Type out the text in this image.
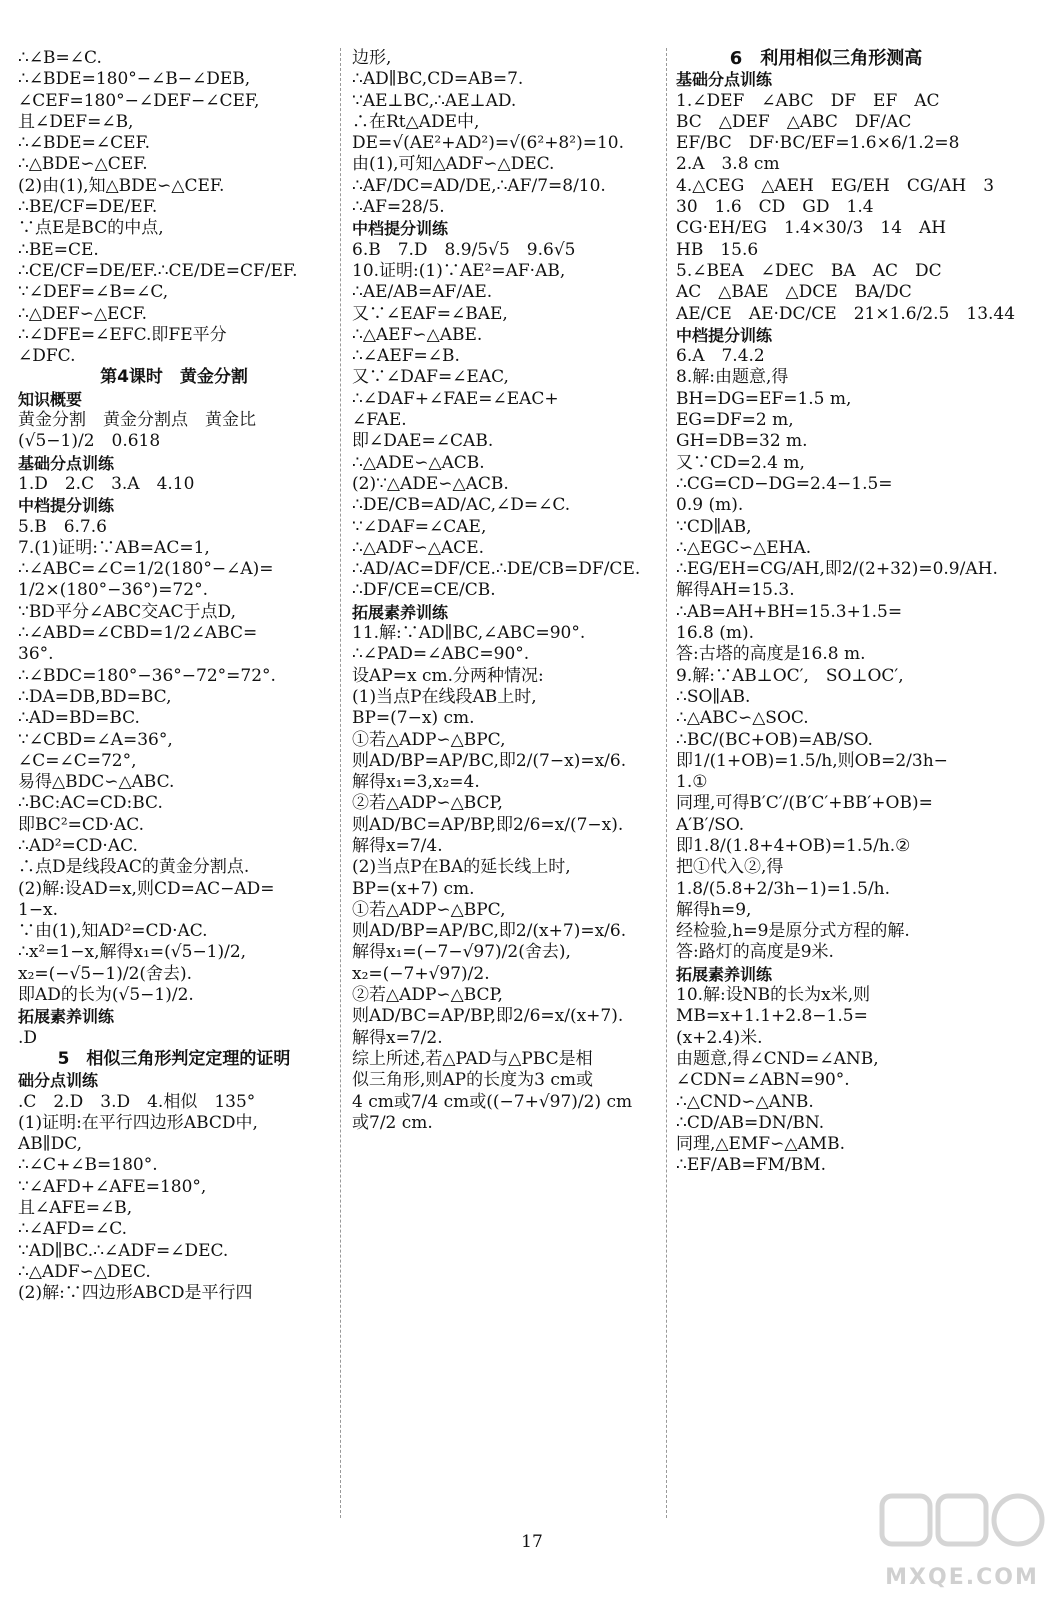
∴∠B=∠C.
∴∠BDE=180°−∠B−∠DEB,
∠CEF=180°−∠DEF−∠CEF,
且∠DEF=∠B,
∴∠BDE=∠CEF.
∴△BDE∽△CEF.
(2)由(1),知△BDE∽△CEF.
∴BE/CF=DE/EF.
∵点E是BC的中点,
∴BE=CE.
∴CE/CF=DE/EF.∴CE/DE=CF/EF.
∵∠DEF=∠B=∠C,
∴△DEF∽△ECF.
∴∠DFE=∠EFC.即FE平分
∠DFC.
第4课时　黄金分割
知识概要
黄金分割　黄金分割点　黄金比
(√5−1)/2　0.618
基础分点训练
1.D　2.C　3.A　4.10
中档提分训练
5.B　6.7.6
7.(1)证明:∵AB=AC=1,
∴∠ABC=∠C=1/2(180°−∠A)=
1/2×(180°−36°)=72°.
∵BD平分∠ABC交AC于点D,
∴∠ABD=∠CBD=1/2∠ABC=
36°.
∴∠BDC=180°−36°−72°=72°.
∴DA=DB,BD=BC,
∴AD=BD=BC.
∵∠CBD=∠A=36°,
∠C=∠C=72°,
易得△BDC∽△ABC.
∴BC:AC=CD:BC.
即BC²=CD·AC.
∴AD²=CD·AC.
∴点D是线段AC的黄金分割点.
(2)解:设AD=x,则CD=AC−AD=
1−x.
∵由(1),知AD²=CD·AC.
∴x²=1−x,解得x₁=(√5−1)/2,
x₂=(−√5−1)/2(舍去).
即AD的长为(√5−1)/2.
拓展素养训练
.D
5　相似三角形判定定理的证明
础分点训练
.C　2.D　3.D　4.相似　135°
(1)证明:在平行四边形ABCD中,
AB∥DC,
∴∠C+∠B=180°.
∵∠AFD+∠AFE=180°,
且∠AFE=∠B,
∴∠AFD=∠C.
∵AD∥BC.∴∠ADF=∠DEC.
∴△ADF∽△DEC.
(2)解:∵四边形ABCD是平行四
边形,
∴AD∥BC,CD=AB=7.
∵AE⊥BC,∴AE⊥AD.
∴在Rt△ADE中,
DE=√(AE²+AD²)=√(6²+8²)=10.
由(1),可知△ADF∽△DEC.
∴AF/DC=AD/DE,∴AF/7=8/10.
∴AF=28/5.
中档提分训练
6.B　7.D　8.9/5√5　9.6√5
10.证明:(1)∵AE²=AF·AB,
∴AE/AB=AF/AE.
又∵∠EAF=∠BAE,
∴△AEF∽△ABE.
∴∠AEF=∠B.
又∵∠DAF=∠EAC,
∴∠DAF+∠FAE=∠EAC+
∠FAE.
即∠DAE=∠CAB.
∴△ADE∽△ACB.
(2)∵△ADE∽△ACB.
∴DE/CB=AD/AC,∠D=∠C.
∵∠DAF=∠CAE,
∴△ADF∽△ACE.
∴AD/AC=DF/CE.∴DE/CB=DF/CE.
∴DF/CE=CE/CB.
拓展素养训练
11.解:∵AD∥BC,∠ABC=90°.
∴∠PAD=∠ABC=90°.
设AP=x cm.分两种情况:
(1)当点P在线段AB上时,
BP=(7−x) cm.
①若△ADP∽△BPC,
则AD/BP=AP/BC,即2/(7−x)=x/6.
解得x₁=3,x₂=4.
②若△ADP∽△BCP,
则AD/BC=AP/BP,即2/6=x/(7−x).
解得x=7/4.
(2)当点P在BA的延长线上时,
BP=(x+7) cm.
①若△ADP∽△BPC,
则AD/BP=AP/BC,即2/(x+7)=x/6.
解得x₁=(−7−√97)/2(舍去),
x₂=(−7+√97)/2.
②若△ADP∽△BCP,
则AD/BC=AP/BP,即2/6=x/(x+7).
解得x=7/2.
综上所述,若△PAD与△PBC是相
似三角形,则AP的长度为3 cm或
4 cm或7/4 cm或((−7+√97)/2) cm
或7/2 cm.
6　利用相似三角形测高
基础分点训练
1.∠DEF　∠ABC　DF　EF　AC
BC　△DEF　△ABC　DF/AC
EF/BC　DF·BC/EF=1.6×6/1.2=8
2.A　3.8 cm
4.△CEG　△AEH　EG/EH　CG/AH　3
30　1.6　CD　GD　1.4
CG·EH/EG　1.4×30/3　14　AH
HB　15.6
5.∠BEA　∠DEC　BA　AC　DC
AC　△BAE　△DCE　BA/DC
AE/CE　AE·DC/CE　21×1.6/2.5　13.44
中档提分训练
6.A　7.4.2
8.解:由题意,得
BH=DG=EF=1.5 m,
EG=DF=2 m,
GH=DB=32 m.
又∵CD=2.4 m,
∴CG=CD−DG=2.4−1.5=
0.9 (m).
∵CD∥AB,
∴△EGC∽△EHA.
∴EG/EH=CG/AH,即2/(2+32)=0.9/AH.
解得AH=15.3.
∴AB=AH+BH=15.3+1.5=
16.8 (m).
答:古塔的高度是16.8 m.
9.解:∵AB⊥OC′,　SO⊥OC′,
∴SO∥AB.
∴△ABC∽△SOC.
∴BC/(BC+OB)=AB/SO.
即1/(1+OB)=1.5/h,则OB=2/3h−
1.①
同理,可得B′C′/(B′C′+BB′+OB)=
A′B′/SO.
即1.8/(1.8+4+OB)=1.5/h.②
把①代入②,得
1.8/(5.8+2/3h−1)=1.5/h.
解得h=9,
经检验,h=9是原分式方程的解.
答:路灯的高度是9米.
拓展素养训练
10.解:设NB的长为x米,则
MB=x+1.1+2.8−1.5=
(x+2.4)米.
由题意,得∠CND=∠ANB,
∠CDN=∠ABN=90°.
∴△CND∽△ANB.
∴CD/AB=DN/BN.
同理,△EMF∽△AMB.
∴EF/AB=FM/BM.
17
MXQE.COM
